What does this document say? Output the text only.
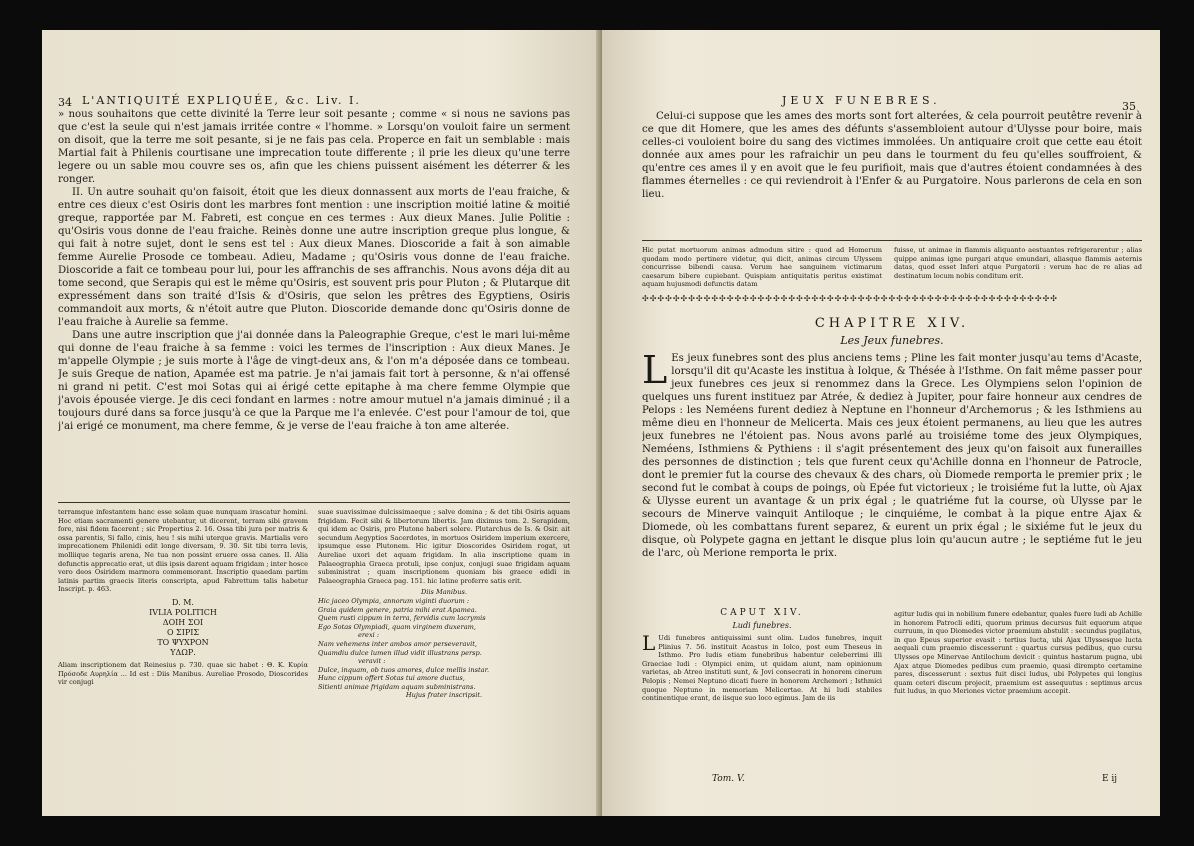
34 L'ANTIQUITÉ EXPLIQUÉE, &c. Liv. I.

» nous souhaitons que cette divinité la Terre leur soit pesante ; comme « si nous ne savions pas que c'est la seule qui n'est jamais irritée contre « l'homme. » Lorsqu'on vouloit faire un serment on disoit, que la terre me soit pesante, si je ne fais pas cela. Properce en fait un semblable : mais Martial fait à Philenis courtisane une imprecation toute differente ; il prie les dieux qu'une terre legere ou un sable mou couvre ses os, afin que les chiens puissent aisément les déterrer & les ronger.

II. Un autre souhait qu'on faisoit, étoit que les dieux donnassent aux morts de l'eau fraiche, & entre ces dieux c'est Osiris dont les marbres font mention : une inscription moitié latine & moitié greque, rapportée par M. Fabreti, est conçue en ces termes : Aux dieux Manes. Julie Politie : qu'Osiris vous donne de l'eau fraiche. Reinès donne une autre inscription greque plus longue, & qui fait à notre sujet, dont le sens est tel : Aux dieux Manes. Dioscoride a fait à son aimable femme Aurelie Prosode ce tombeau. Adieu, Madame ; qu'Osiris vous donne de l'eau fraiche. Dioscoride a fait ce tombeau pour lui, pour les affranchis de ses affranchis. Nous avons déja dit au tome second, que Serapis qui est le même qu'Osiris, est souvent pris pour Pluton ; & Plutarque dit expressément dans son traité d'Isis & d'Osiris, que selon les prêtres des Egyptiens, Osiris commandoit aux morts, & n'étoit autre que Pluton. Dioscoride demande donc qu'Osiris donne de l'eau fraiche à Aurelie sa femme.

Dans une autre inscription que j'ai donnée dans la Paleographie Greque, c'est le mari lui-même qui donne de l'eau fraiche à sa femme : voici les termes de l'inscription : Aux dieux Manes. Je m'appelle Olympie ; je suis morte à l'âge de vingt-deux ans, & l'on m'a déposée dans ce tombeau. Je suis Greque de nation, Apamée est ma patrie. Je n'ai jamais fait tort à personne, & n'ai offensé ni grand ni petit. C'est moi Sotas qui ai érigé cette epitaphe à ma chere femme Olympie que j'avois épousée vierge. Je dis ceci fondant en larmes : notre amour mutuel n'a jamais diminué ; il a toujours duré dans sa force jusqu'à ce que la Parque me l'a enlevée. C'est pour l'amour de toi, que j'ai erigé ce monument, ma chere femme, & je verse de l'eau fraiche à ton ame alterée.

terramque infestantem hanc esse solam quae nunquam irascatur homini. Hoc etiam sacramenti genere utebantur, ut dicerent, terram sibi gravem fore, nisi fidem facerent ; sic Propertius 2. 16. Ossa tibi jura per matris & ossa parentis, Si fallo, cinis, heu ! sis mihi uterque gravis. Martialis vero imprecationem Philenidi edit longe diversam, 9. 30. Sit tibi terra levis, molliique tegaris arena, Ne tua non possint eruere ossa canes. II. Alia defunctis apprecatio erat, ut diis ipsis darent aquam frigidam ; inter hosce vero deos Osiridem marmora commemorant. Inscriptio quaedam partim latinis partim graecis literis conscripta, apud Fabrettum talis habetur Inscript. p. 463.

D. M.
IVLIA POLITICH
ΔΟΙΗ ΣΟΙ
Ο ΣΙΡΙΣ
ΤΟ ΨΥΧΡΟΝ
ΥΔΩΡ.

Aliam inscriptionem dat Reinesius p. 730. quae sic habet : Θ. Κ. Κυρία Πρόσοδε Αυρηλία ... Id est : Diis Manibus. Aureliae Prosodo, Dioscorides vir conjugi

suae suavissimae dulcissimaeque ; salve domina ; & det tibi Osiris aquam frigidam. Fecit sibi & libertorum libertis. Jam diximus tom. 2. Serapidem, qui idem ac Osiris, pro Plutone haberi solere. Plutarchus de Is. & Osir. ait secundum Aegyptios Sacerdotes, in mortuos Osiridem imperium exercere, ipsumque esse Plutonem. Hic igitur Dioscorides Osiridem rogat, ut Aureliae uxori det aquam frigidam. In alia inscriptione quam in Palaeographia Graeca protuli, ipse conjux, conjugi suae frigidam aquam subministrat ; quam inscriptionem quoniam bis graece edidi in Palaeographia Graeca pag. 151. hic latine proferre satis erit.

Diis Manibus.
Hic jaceo Olympia, annorum viginti duorum :
Graia quidem genere, patria mihi erat Apamea.
Quem rusti cippum in terra, fervidis cum lacrymis
Ego Sotas Olympiadi, quam virginem duxeram,
erexi :
Nam vehemens inter ambos amor perseveravit,
Quamdiu dulce lumen illud vidit illustrans persp.
veravit :
Dulce, inquam, ob tuos amores, dulce mellis instar.
Hunc cippum offert Sotas tui amore ductus,
Sitienti animae frigidam aquam subministrans.
Hujus frater inscripsit.
JEUX FUNEBRES.	35

Celui-ci suppose que les ames des morts sont fort alterées, & cela pourroit peutêtre revenir à ce que dit Homere, que les ames des défunts s'assembloient autour d'Ulysse pour boire, mais celles-ci vouloient boire du sang des victimes immolées. Un antiquaire croit que cette eau étoit donnée aux ames pour les rafraichir un peu dans le tourment du feu qu'elles souffroient, & qu'entre ces ames il y en avoit que le feu purifioit, mais que d'autres étoient condamnées à des flammes éternelles : ce qui reviendroit à l'Enfer & au Purgatoire. Nous parlerons de cela en son lieu.

Hic putat mortuorum animas admodum sitire : quod ad Homerum quodam modo pertinere videtur, qui dicit, animas circum Ulyssem concurrisse bibendi causa. Verum hae sanguinem victimarum caesarum bibere cupiebant. Quispiam antiquitatis peritus existimat aquam hujusmodi defunctis datam
fuisse, ut animae in flammis aliquanto aestuantes refrigerarentur ; alias quippe animas igne purgari atque emundari, aliasque flammis aeternis datas, quod esset Inferi atque Purgatorii : verum hac de re alias ad destinatum locum nobis conditum erit.
✣✣✣✣✣✣✣✣✣✣✣✣✣✣✣✣✣✣✣✣✣✣✣✣✣✣✣✣✣✣✣✣✣✣✣✣✣✣✣✣✣✣✣✣✣✣✣✣✣✣✣✣✣✣
CHAPITRE XIV.
Les Jeux funebres.
L Es jeux funebres sont des plus anciens tems ; Pline les fait monter jusqu'au tems d'Acaste, lorsqu'il dit qu'Acaste les institua à Iolque, & Thésée à l'Isthme. On fait même passer pour jeux funebres ces jeux si renommez dans la Grece. Les Olympiens selon l'opinion de quelques uns furent instituez par Atrée, & dediez à Jupiter, pour faire honneur aux cendres de Pelops : les Neméens furent dediez à Neptune en l'honneur d'Archemorus ; & les Isthmiens au même dieu en l'honneur de Melicerta. Mais ces jeux étoient permanens, au lieu que les autres jeux funebres ne l'étoient pas. Nous avons parlé au troisiéme tome des jeux Olympiques, Neméens, Isthmiens & Pythiens : il s'agit présentement des jeux qu'on faisoit aux funerailles des personnes de distinction ; tels que furent ceux qu'Achille donna en l'honneur de Patrocle, dont le premier fut la course des chevaux & des chars, où Diomede remporta le premier prix ; le second fut le combat à coups de poings, où Epée fut victorieux ; le troisiéme fut la lutte, où Ajax & Ulysse eurent un avantage & un prix égal ; le quatriéme fut la course, où Ulysse par le secours de Minerve vainquit Antiloque ; le cinquiéme, le combat à la pique entre Ajax & Diomede, où les combattans furent separez, & eurent un prix égal ; le sixiéme fut le jeux du disque, où Polypete gagna en jettant le disque plus loin qu'aucun autre ; le septiéme fut le jeu de l'arc, où Merione remporta le prix.
CAPUT XIV.
Ludi funebres.
L Udi funebres antiquissimi sunt olim. Ludos funebres, inquit Plinius 7. 56. instituit Acastus in Iolco, post eum Theseus in Isthmo. Pro ludis etiam funebribus habentur celeberrimi illi Graeciae ludi : Olympici enim, ut quidam aiunt, nam opinionum varietas, ab Atreo instituti sunt, & Jovi consecrati in honorem cinerum Pelopis ; Nemei Neptuno dicati fuere in honorem Archemori ; Isthmici quoque Neptuno in memoriam Melicertae. At hi ludi stabiles continentique erant, de iisque suo loco egimus. Jam de iis
agitur ludis qui in nobilium funere edebantur, quales fuere ludi ab Achille in honorem Patrocli editi, quorum primus decursus fuit equorum atque curruum, in quo Diomedes victor praemium abstulit : secundus pugilatus, in quo Epeus superior evasit : tertius lucta, ubi Ajax Ulyssesque lucta aequali cum praemio discesserunt : quartus cursus pedibus, quo cursu Ulysses ope Minervae Antilochum devicit : quintus hastarum pugna, ubi Ajax atque Diomedes pedibus cum praemio, quasi dirempto certamine pares, discesserunt : sextus fuit disci ludus, ubi Polypetes qui longius quam ceteri discum projecit, praemium est assequutus : septimus arcus fuit ludus, in quo Meriones victor praemium accepit.
Tom. V.	E ij
